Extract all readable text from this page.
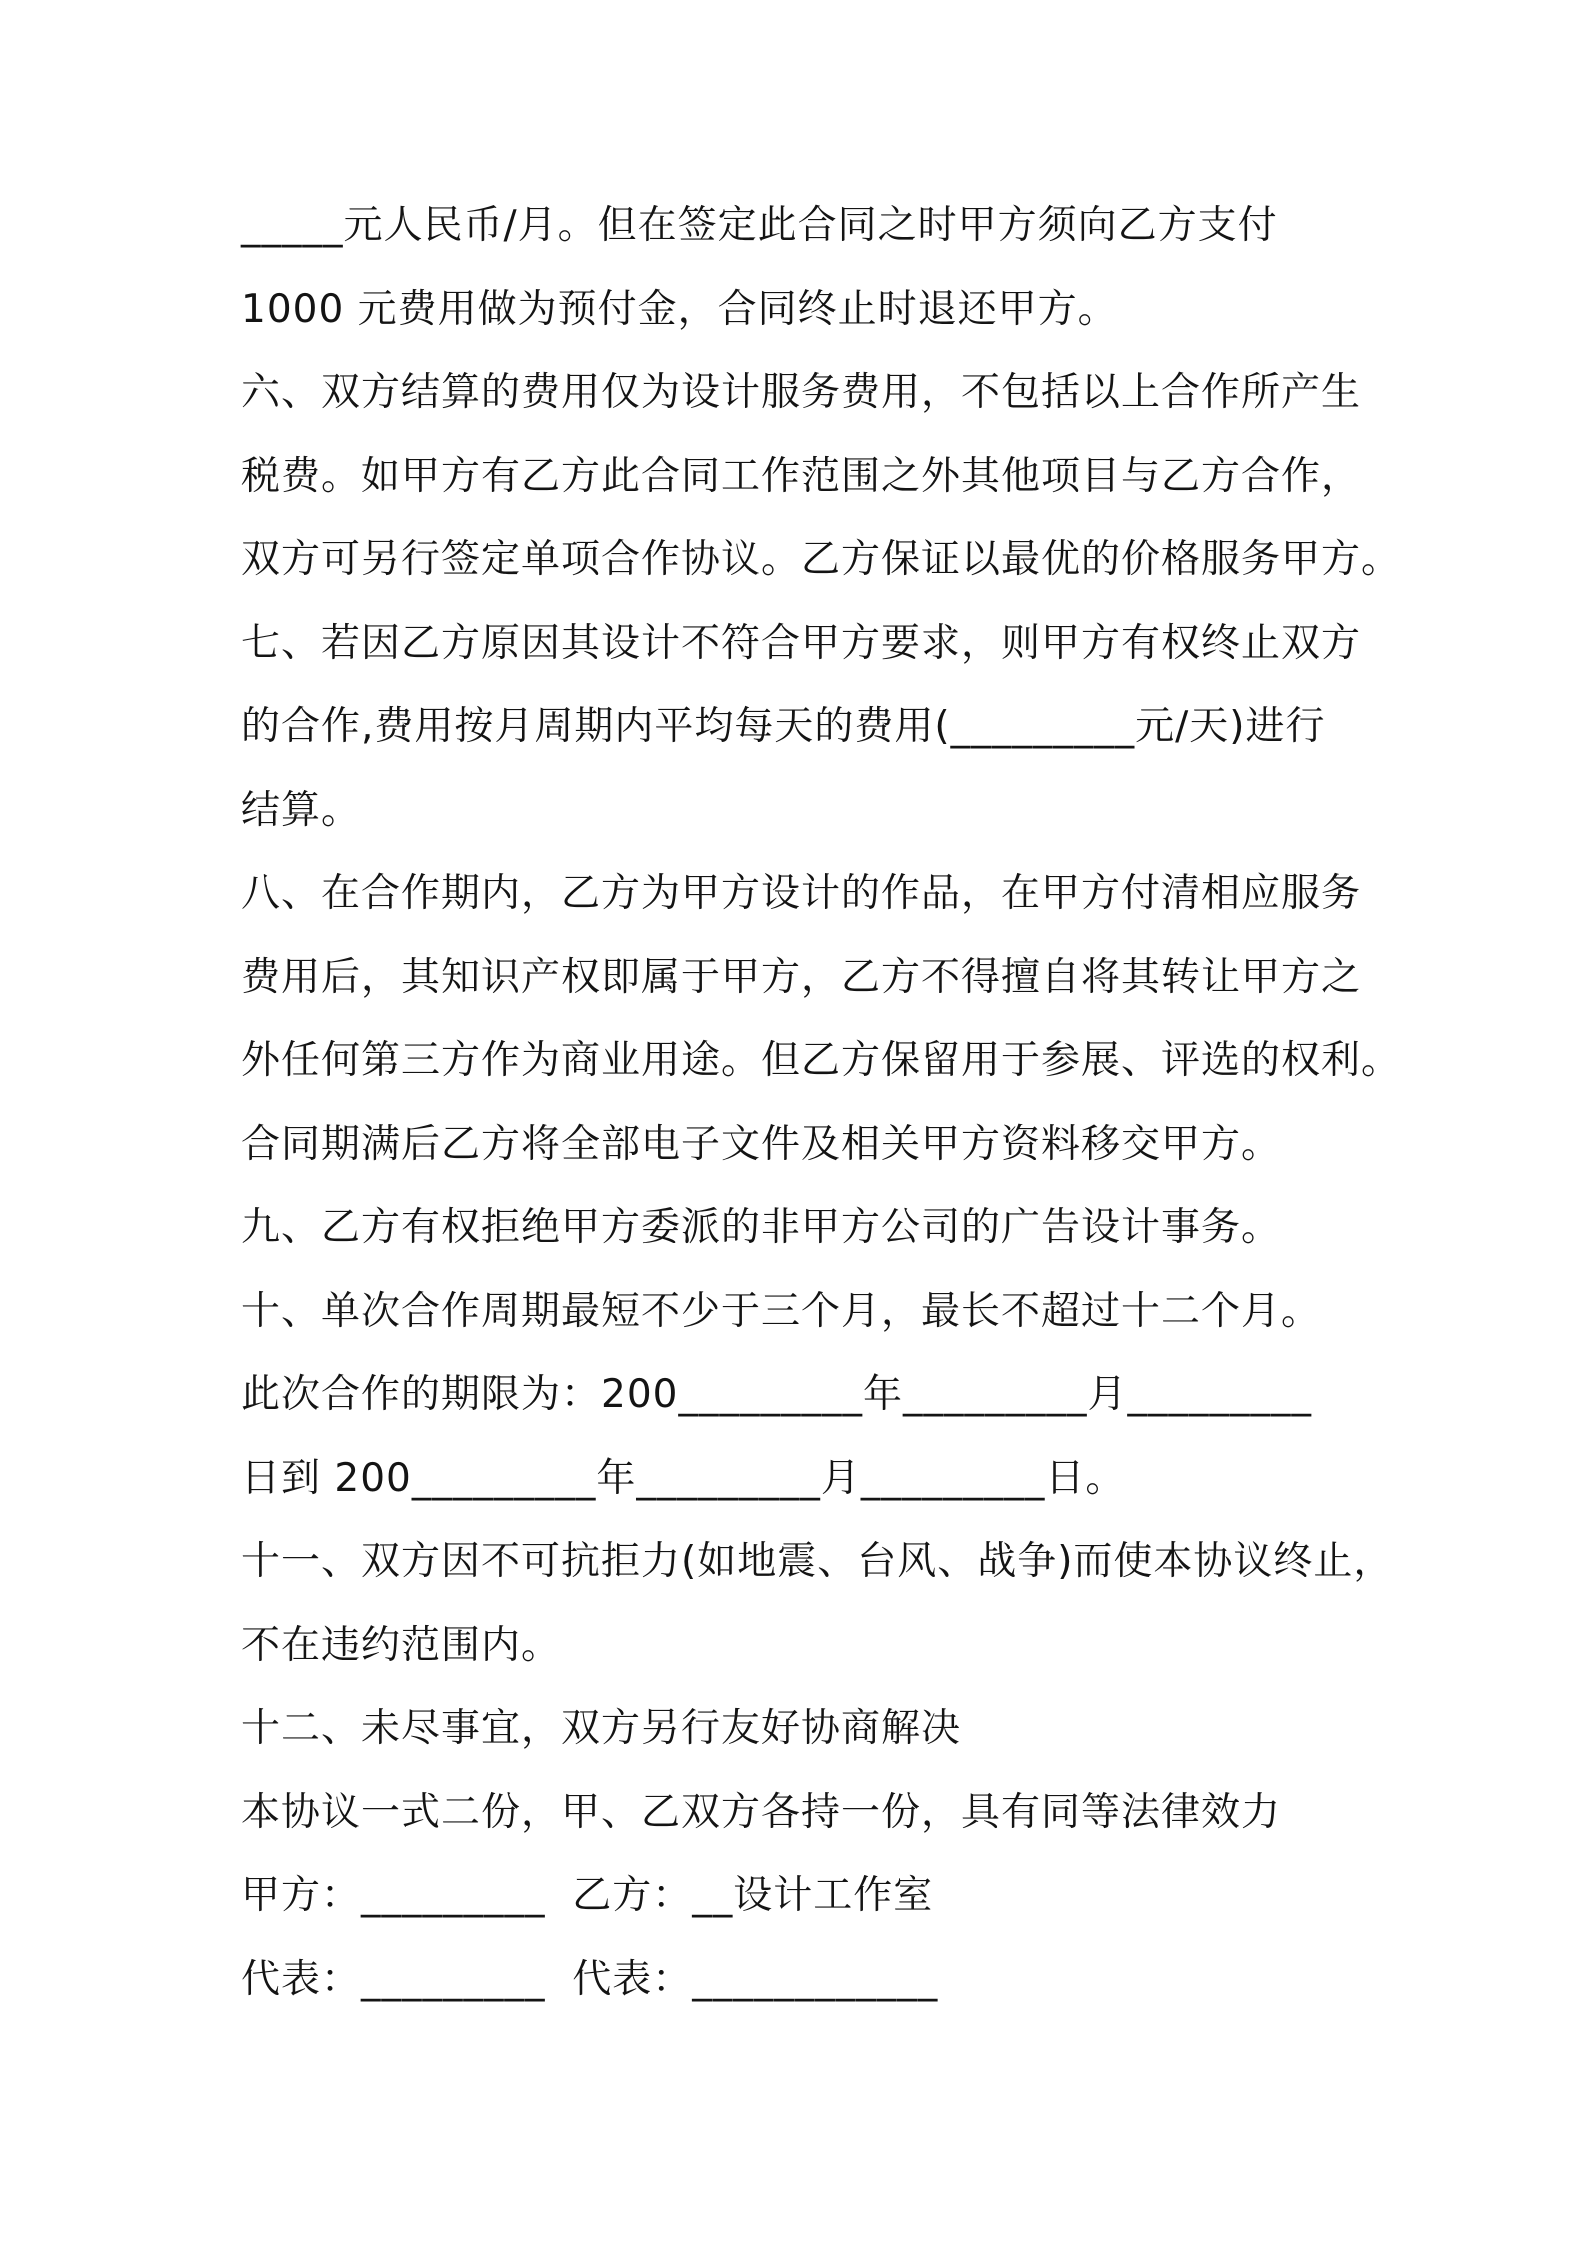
_____元人民币/月。但在签定此合同之时甲方须向乙方支付
1000 元费用做为预付金，合同终止时退还甲方。
六、双方结算的费用仅为设计服务费用，不包括以上合作所产生
税费。如甲方有乙方此合同工作范围之外其他项目与乙方合作，
双方可另行签定单项合作协议。乙方保证以最优的价格服务甲方。
七、若因乙方原因其设计不符合甲方要求，则甲方有权终止双方
的合作,费用按月周期内平均每天的费用(_________元/天)进行
结算。
八、在合作期内，乙方为甲方设计的作品，在甲方付清相应服务
费用后，其知识产权即属于甲方，乙方不得擅自将其转让甲方之
外任何第三方作为商业用途。但乙方保留用于参展、评选的权利。
合同期满后乙方将全部电子文件及相关甲方资料移交甲方。
九、乙方有权拒绝甲方委派的非甲方公司的广告设计事务。
十、单次合作周期最短不少于三个月，最长不超过十二个月。
此次合作的期限为：200_________年_________月_________
日到 200_________年_________月_________日。
十一、双方因不可抗拒力(如地震、台风、战争)而使本协议终止，
不在违约范围内。
十二、未尽事宜，双方另行友好协商解决
本协议一式二份，甲、乙双方各持一份，具有同等法律效力
甲方：_________  乙方：__设计工作室
代表：_________  代表：____________
